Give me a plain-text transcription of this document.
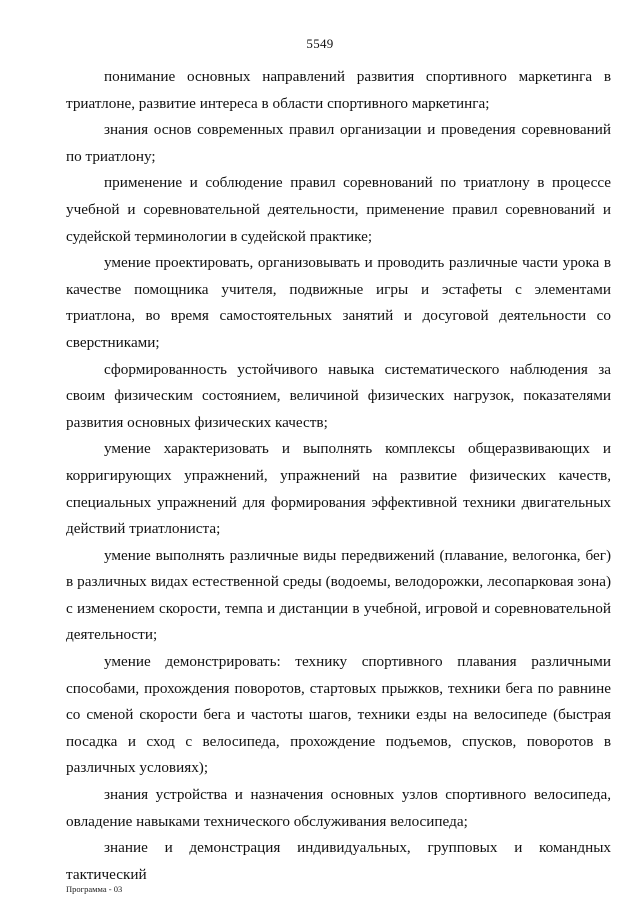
5549

понимание основных направлений развития спортивного маркетинга в триатлоне, развитие интереса в области спортивного маркетинга;

знания основ современных правил организации и проведения соревнований по триатлону;

применение и соблюдение правил соревнований по триатлону в процессе учебной и соревновательной деятельности, применение правил соревнований и судейской терминологии в судейской практике;

умение проектировать, организовывать и проводить различные части урока в качестве помощника учителя, подвижные игры и эстафеты с элементами триатлона, во время самостоятельных занятий и досуговой деятельности со сверстниками;

сформированность устойчивого навыка систематического наблюдения за своим физическим состоянием, величиной физических нагрузок, показателями развития основных физических качеств;

умение характеризовать и выполнять комплексы общеразвивающих и корригирующих упражнений, упражнений на развитие физических качеств, специальных упражнений для формирования эффективной техники двигательных действий триатлониста;

умение выполнять различные виды передвижений (плавание, велогонка, бег) в различных видах естественной среды (водоемы, велодорожки, лесопарковая зона) с изменением скорости, темпа и дистанции в учебной, игровой и соревновательной деятельности;

умение демонстрировать: технику спортивного плавания различными способами, прохождения поворотов, стартовых прыжков, техники бега по равнине со сменой скорости бега и частоты шагов, техники езды на велосипеде (быстрая посадка и сход с велосипеда, прохождение подъемов, спусков, поворотов в различных условиях);

знания устройства и назначения основных узлов спортивного велосипеда, овладение навыками технического обслуживания велосипеда;

знание и демонстрация индивидуальных, групповых и командных тактический

Программа - 03
